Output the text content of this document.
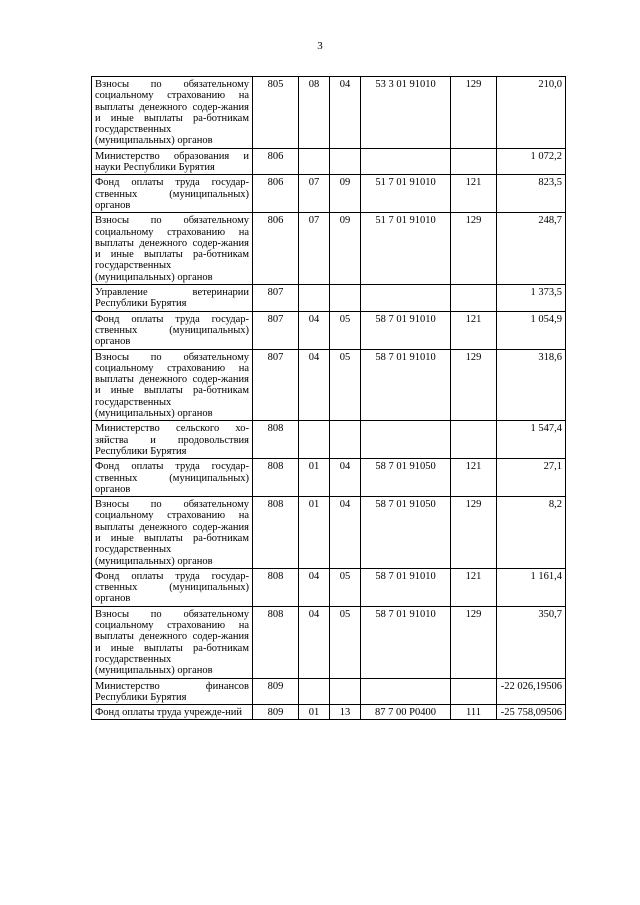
3
Взносы по обязательному социальному страхованию на выплаты денежного содер-жания и иные выплаты ра-ботникам государственных (муниципальных) органов	805	08	04	53 3 01 91010	129	210,0
Министерство образования и науки Республики Бурятия	806					1 072,2
Фонд оплаты труда государ-ственных (муниципальных) органов	806	07	09	51 7 01 91010	121	823,5
Взносы по обязательному социальному страхованию на выплаты денежного содер-жания и иные выплаты ра-ботникам государственных (муниципальных) органов	806	07	09	51 7 01 91010	129	248,7
Управление ветеринарии Республики Бурятия	807					1 373,5
Фонд оплаты труда государ-ственных (муниципальных) органов	807	04	05	58 7 01 91010	121	1 054,9
Взносы по обязательному социальному страхованию на выплаты денежного содер-жания и иные выплаты ра-ботникам государственных (муниципальных) органов	807	04	05	58 7 01 91010	129	318,6
Министерство сельского хо-зяйства и продовольствия Республики Бурятия	808					1 547,4
Фонд оплаты труда государ-ственных (муниципальных) органов	808	01	04	58 7 01 91050	121	27,1
Взносы по обязательному социальному страхованию на выплаты денежного содер-жания и иные выплаты ра-ботникам государственных (муниципальных) органов	808	01	04	58 7 01 91050	129	8,2
Фонд оплаты труда государ-ственных (муниципальных) органов	808	04	05	58 7 01 91010	121	1 161,4
Взносы по обязательному социальному страхованию на выплаты денежного содер-жания и иные выплаты ра-ботникам государственных (муниципальных) органов	808	04	05	58 7 01 91010	129	350,7
Министерство финансов Республики Бурятия	809					-22 026,19506
Фонд оплаты труда учрежде-ний	809	01	13	87 7 00 P0400	111	-25 758,09506
